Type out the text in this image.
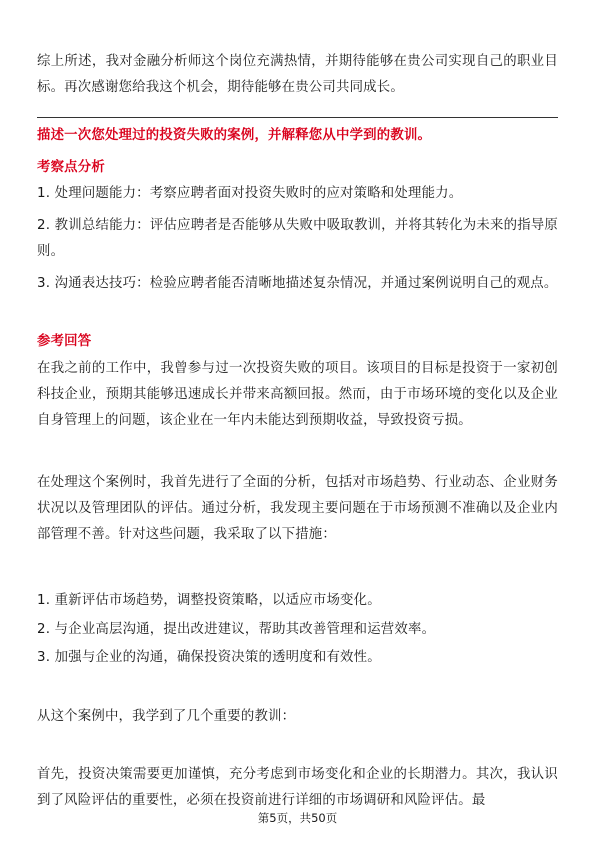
综上所述，我对金融分析师这个岗位充满热情，并期待能够在贵公司实现自己的职业目标。再次感谢您给我这个机会，期待能够在贵公司共同成长。
描述一次您处理过的投资失败的案例，并解释您从中学到的教训。
考察点分析
1. 处理问题能力：考察应聘者面对投资失败时的应对策略和处理能力。
2. 教训总结能力：评估应聘者是否能够从失败中吸取教训，并将其转化为未来的指导原则。
3. 沟通表达技巧：检验应聘者能否清晰地描述复杂情况，并通过案例说明自己的观点。
参考回答
在我之前的工作中，我曾参与过一次投资失败的项目。该项目的目标是投资于一家初创科技企业，预期其能够迅速成长并带来高额回报。然而，由于市场环境的变化以及企业自身管理上的问题，该企业在一年内未能达到预期收益，导致投资亏损。
在处理这个案例时，我首先进行了全面的分析，包括对市场趋势、行业动态、企业财务状况以及管理团队的评估。通过分析，我发现主要问题在于市场预测不准确以及企业内部管理不善。针对这些问题，我采取了以下措施：
1. 重新评估市场趋势，调整投资策略，以适应市场变化。
2. 与企业高层沟通，提出改进建议，帮助其改善管理和运营效率。
3. 加强与企业的沟通，确保投资决策的透明度和有效性。
从这个案例中，我学到了几个重要的教训：
首先，投资决策需要更加谨慎，充分考虑到市场变化和企业的长期潜力。其次，我认识到了风险评估的重要性，必须在投资前进行详细的市场调研和风险评估。最
第5页，共50页
